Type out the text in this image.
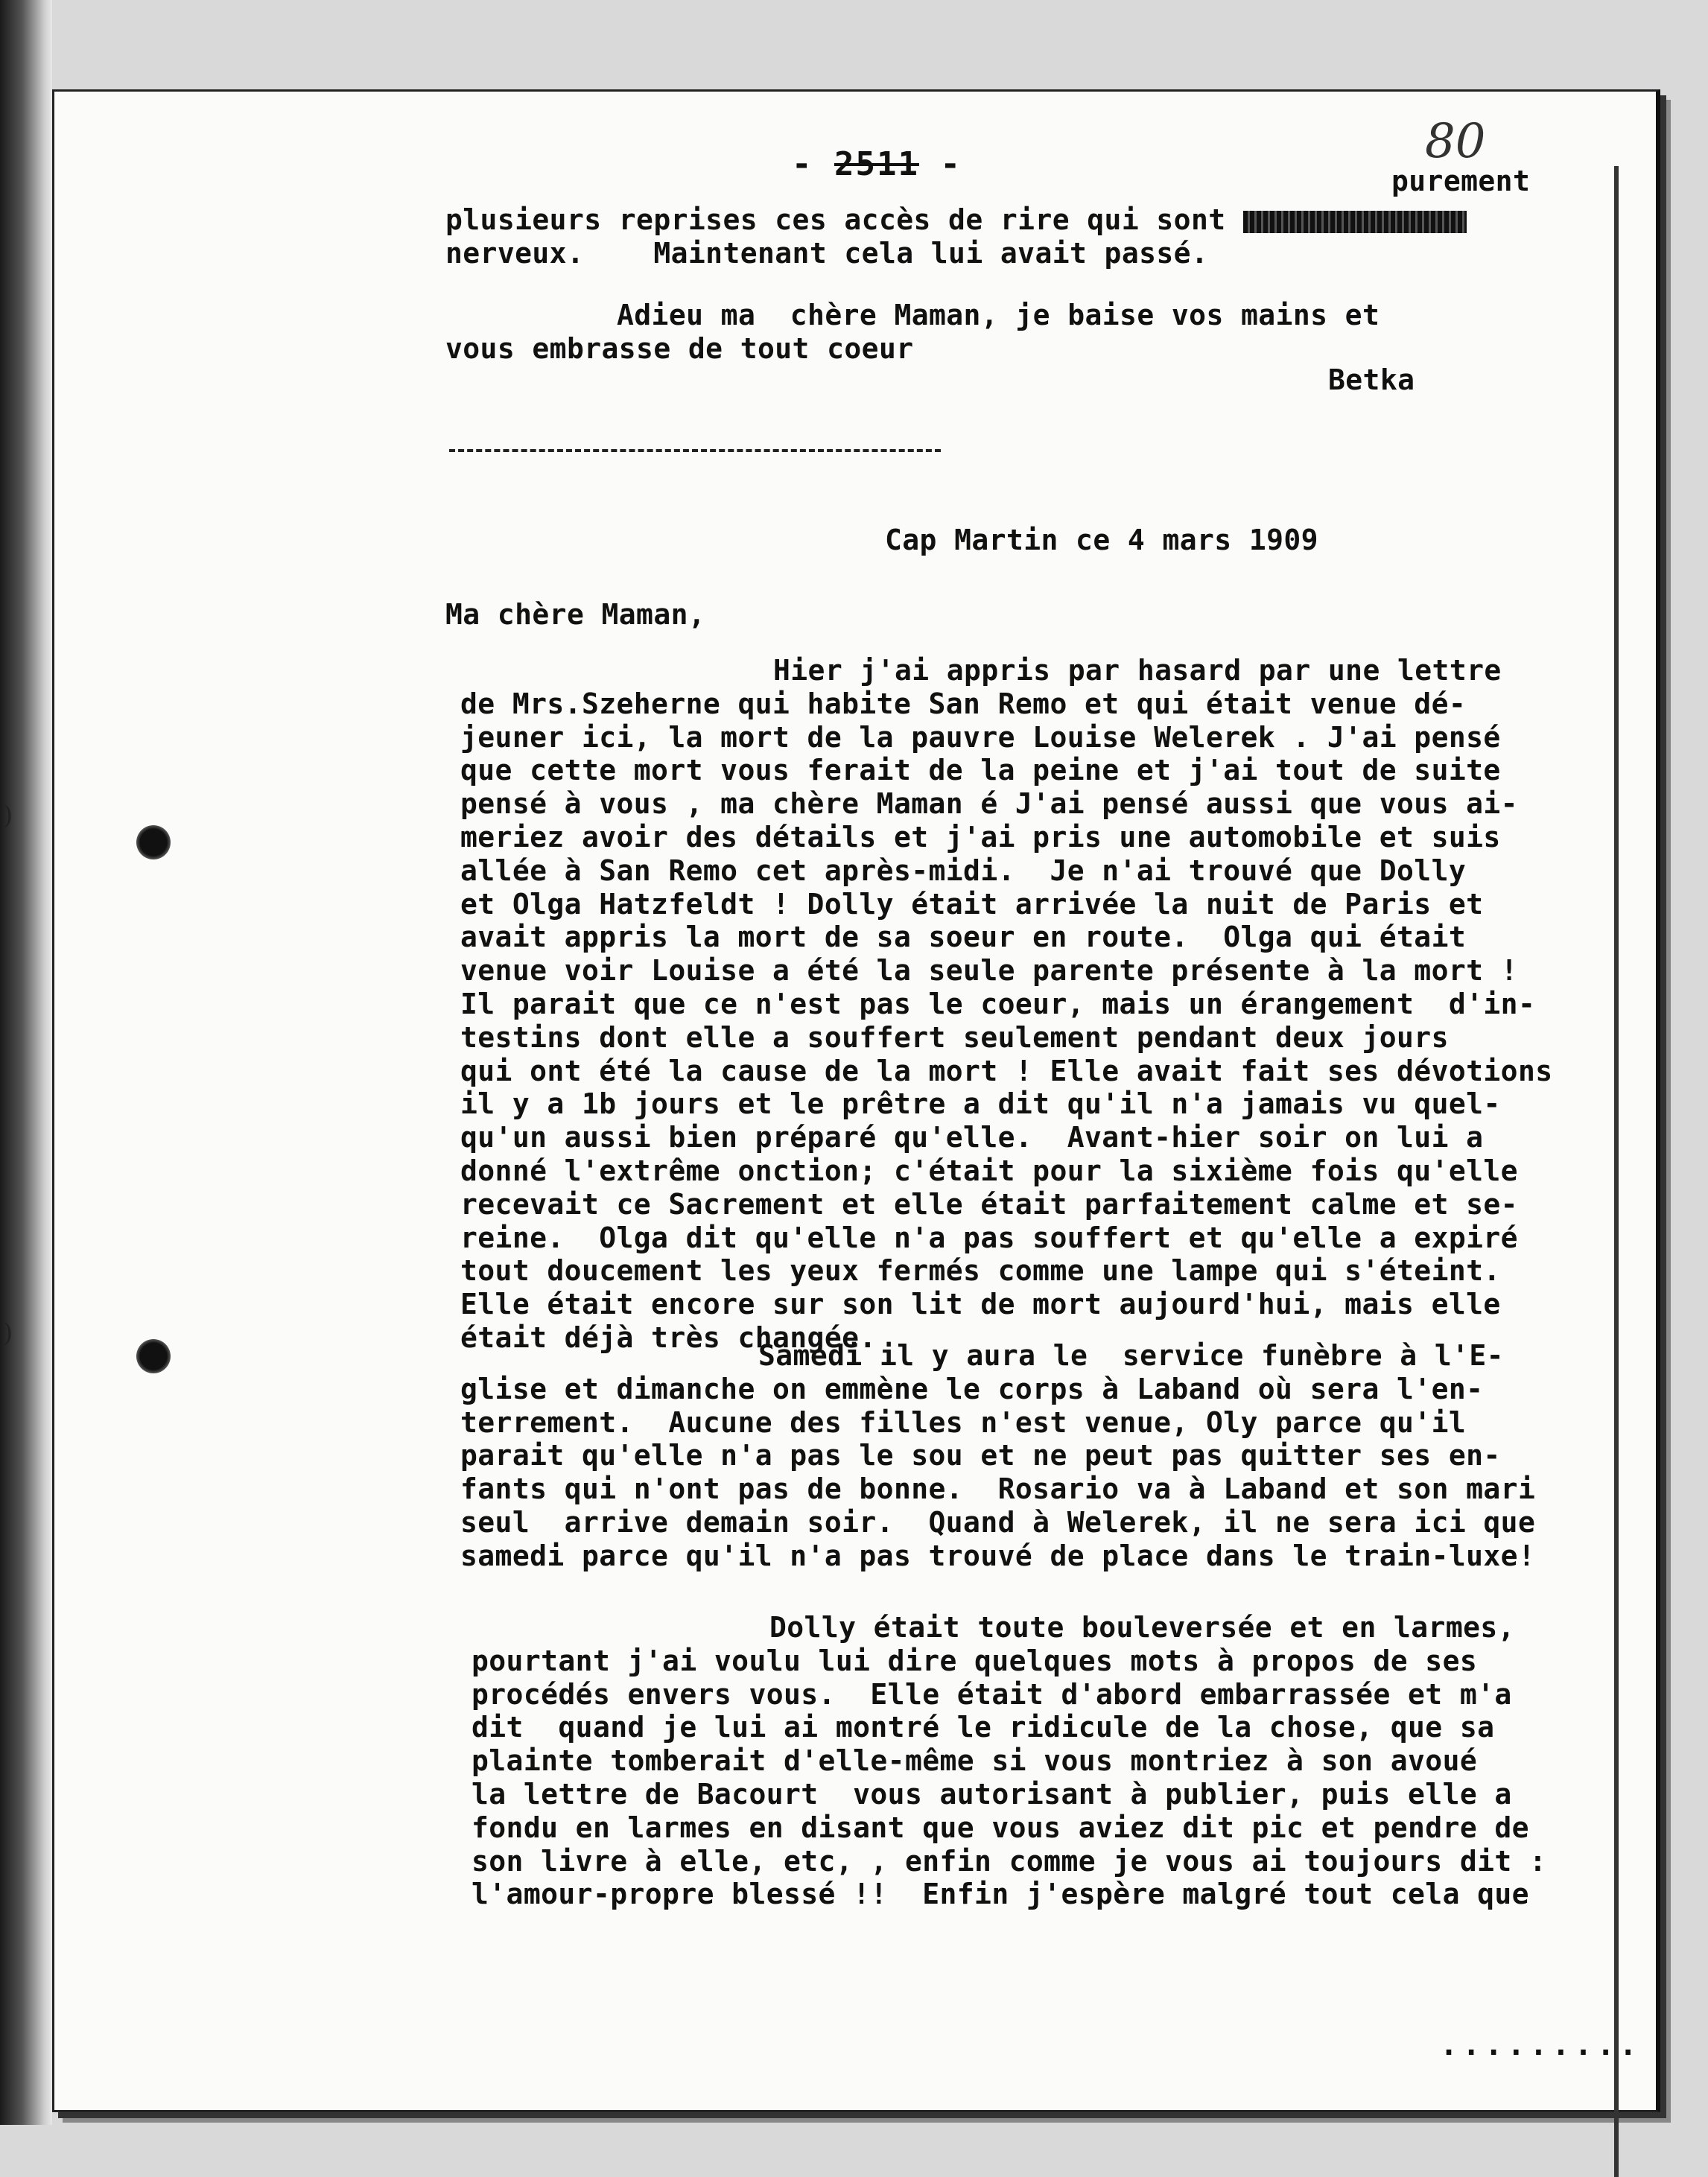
)
)
- 2511 -	80
purement
plusieurs reprises ces accès de rire qui sont
nerveux.    Maintenant cela lui avait passé.
Adieu ma  chère Maman, je baise vos mains et
vous embrasse de tout coeur
Betka
Cap Martin ce 4 mars 1909
Ma chère Maman,
Hier j'ai appris par hasard par une lettre
de Mrs.Szeherne qui habite San Remo et qui était venue dé-
jeuner ici, la mort de la pauvre Louise Welerek . J'ai pensé
que cette mort vous ferait de la peine et j'ai tout de suite
pensé à vous , ma chère Maman é J'ai pensé aussi que vous ai-
meriez avoir des détails et j'ai pris une automobile et suis
allée à San Remo cet après-midi.  Je n'ai trouvé que Dolly
et Olga Hatzfeldt ! Dolly était arrivée la nuit de Paris et
avait appris la mort de sa soeur en route.  Olga qui était
venue voir Louise a été la seule parente présente à la mort !
Il parait que ce n'est pas le coeur, mais un érangement  d'in-
testins dont elle a souffert seulement pendant deux jours
qui ont été la cause de la mort ! Elle avait fait ses dévotions
il y a 1b jours et le prêtre a dit qu'il n'a jamais vu quel-
qu'un aussi bien préparé qu'elle.  Avant-hier soir on lui a
donné l'extrême onction; c'était pour la sixième fois qu'elle
recevait ce Sacrement et elle était parfaitement calme et se-
reine.  Olga dit qu'elle n'a pas souffert et qu'elle a expiré
tout doucement les yeux fermés comme une lampe qui s'éteint.
Elle était encore sur son lit de mort aujourd'hui, mais elle
était déjà très changée.
Samedi il y aura le  service funèbre à l'E-
glise et dimanche on emmène le corps à Laband où sera l'en-
terrement.  Aucune des filles n'est venue, Oly parce qu'il
parait qu'elle n'a pas le sou et ne peut pas quitter ses en-
fants qui n'ont pas de bonne.  Rosario va à Laband et son mari
seul  arrive demain soir.  Quand à Welerek, il ne sera ici que
samedi parce qu'il n'a pas trouvé de place dans le train-luxe!
Dolly était toute bouleversée et en larmes,
pourtant j'ai voulu lui dire quelques mots à propos de ses
procédés envers vous.  Elle était d'abord embarrassée et m'a
dit  quand je lui ai montré le ridicule de la chose, que sa
plainte tomberait d'elle-même si vous montriez à son avoué
la lettre de Bacourt  vous autorisant à publier, puis elle a
fondu en larmes en disant que vous aviez dit pic et pendre de
son livre à elle, etc, , enfin comme je vous ai toujours dit :
l'amour-propre blessé !!  Enfin j'espère malgré tout cela que
.........
